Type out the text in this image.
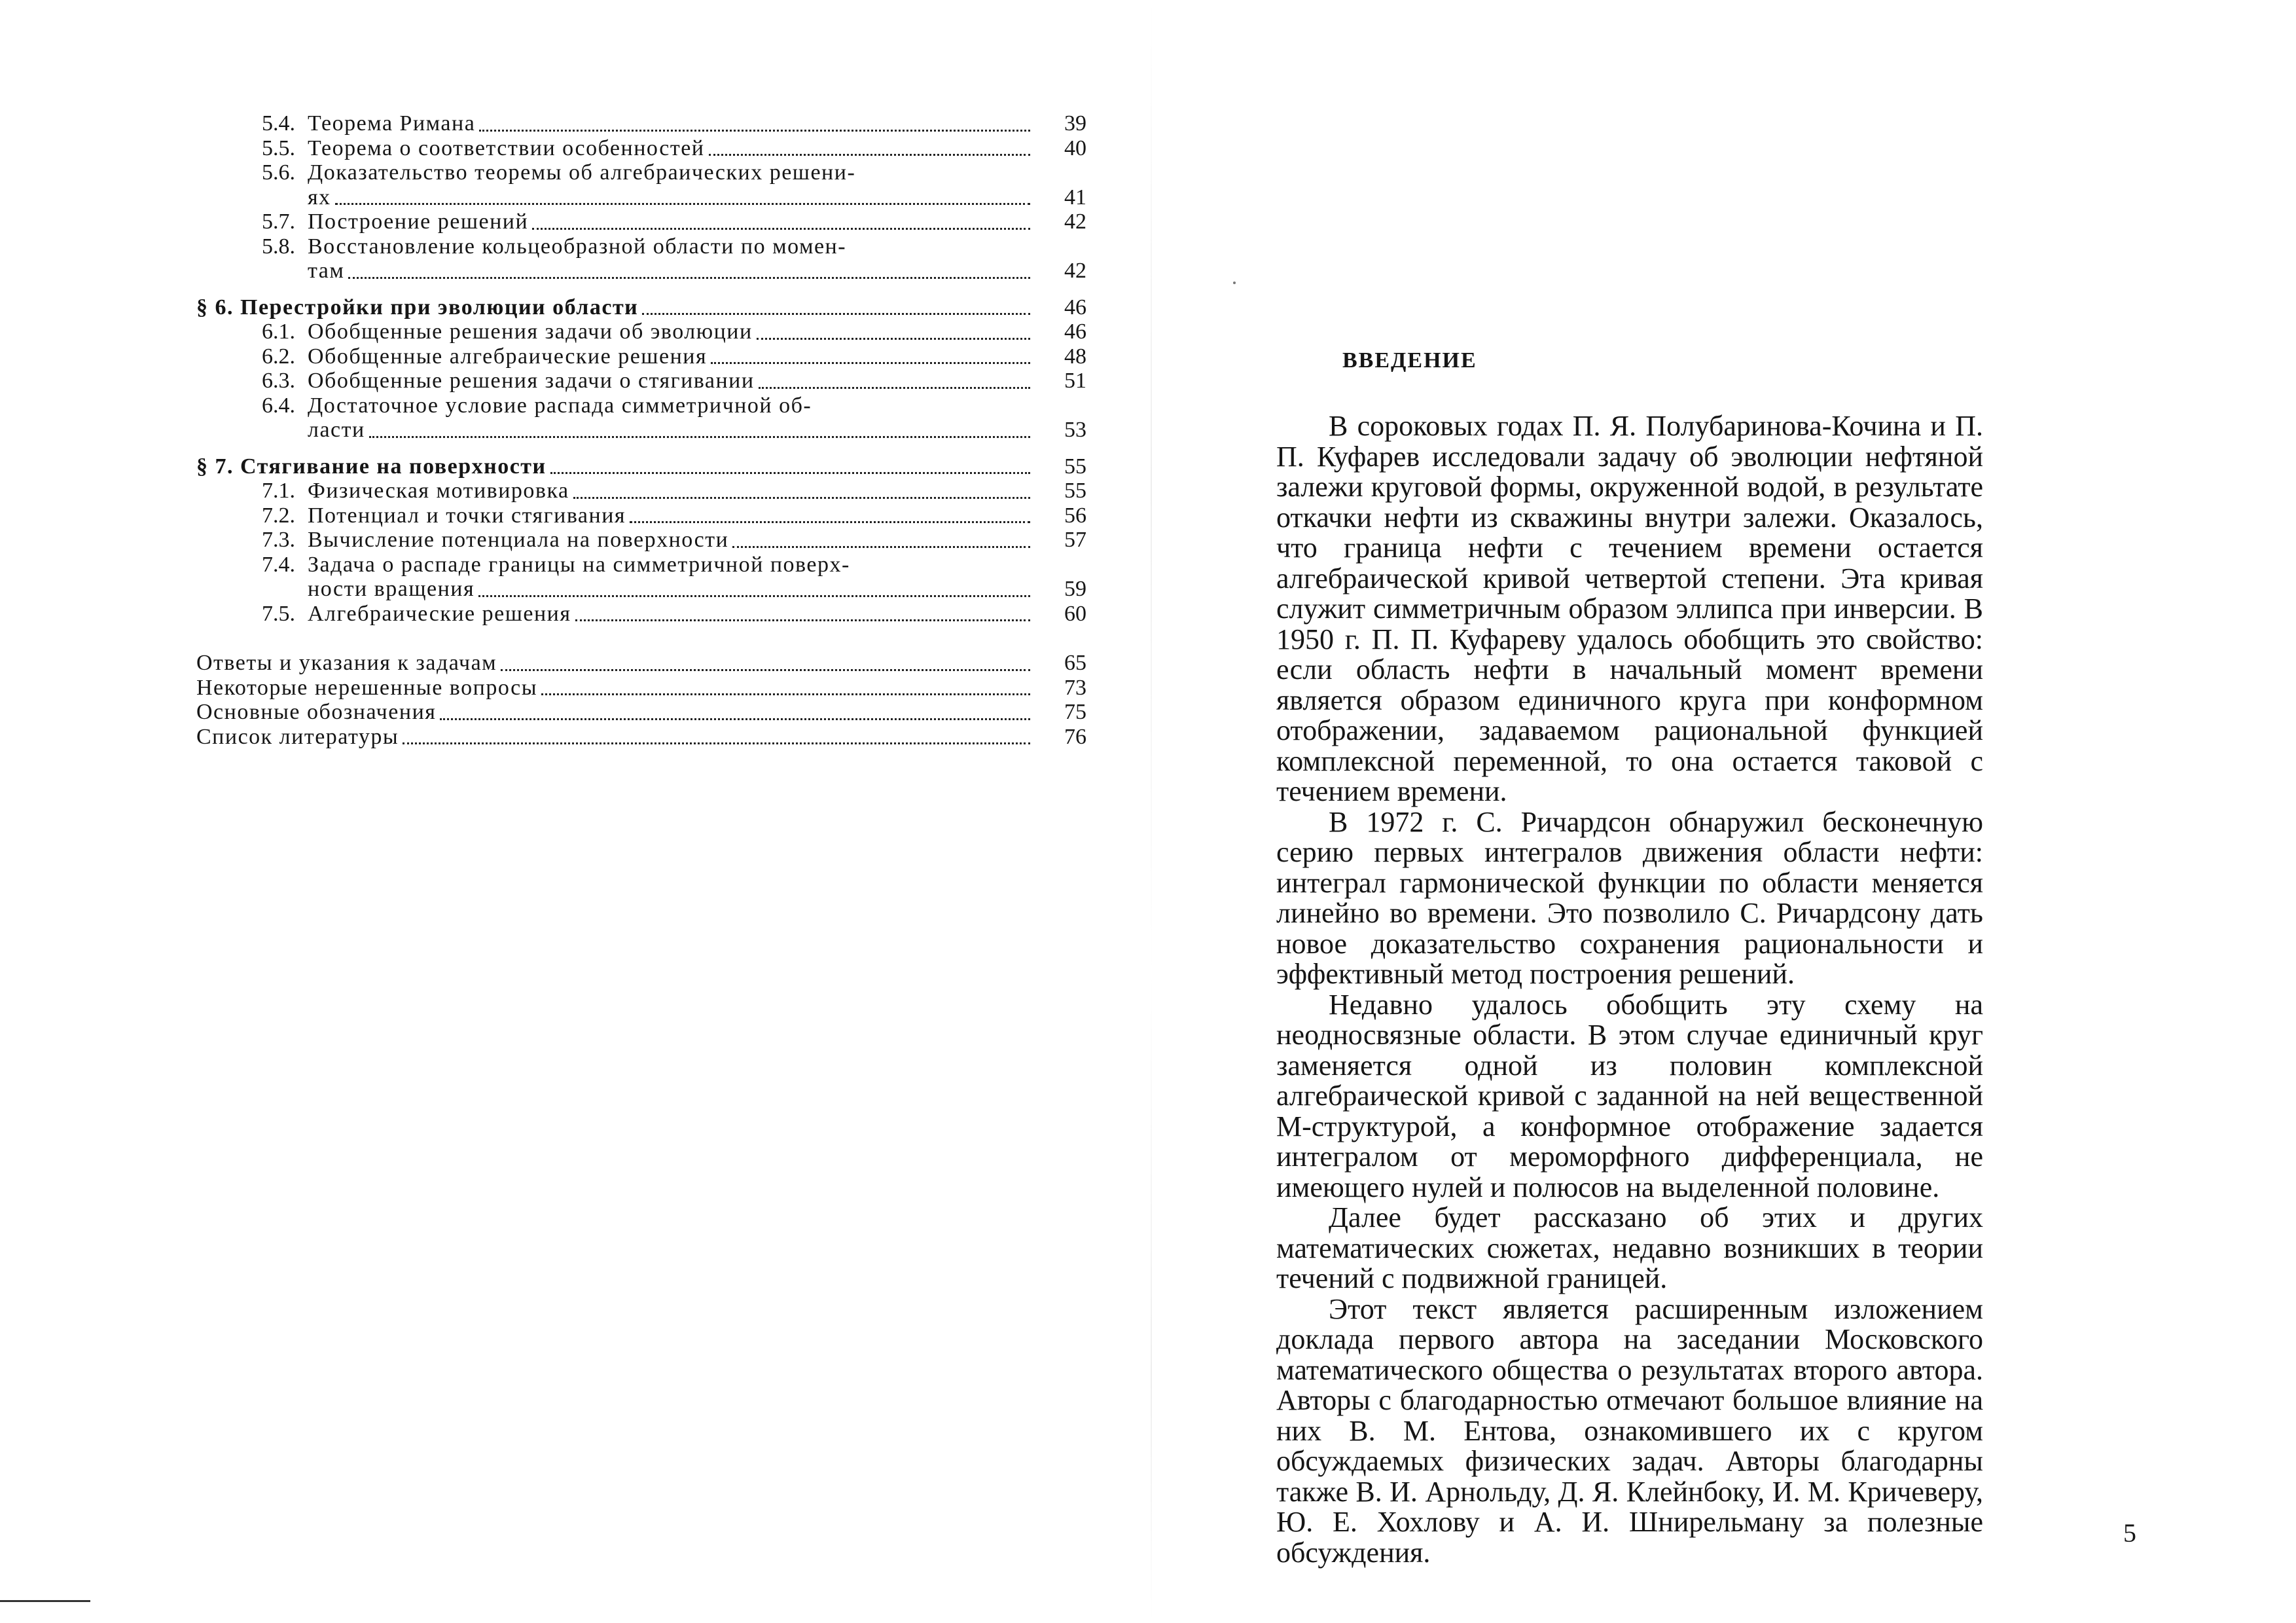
5.4. Теорема Римана	39
5.5. Теорема о соответствии особенностей	40
5.6. Доказательство теоремы об алгебраических решени-
ях	41
5.7. Построение решений	42
5.8. Восстановление кольцеобразной области по момен-
там	42
§ 6. Перестройки при эволюции области	46
6.1. Обобщенные решения задачи об эволюции	46
6.2. Обобщенные алгебраические решения	48
6.3. Обобщенные решения задачи о стягивании	51
6.4. Достаточное условие распада симметричной об-
ласти	53
§ 7. Стягивание на поверхности	55
7.1. Физическая мотивировка	55
7.2. Потенциал и точки стягивания	56
7.3. Вычисление потенциала на поверхности	57
7.4. Задача о распаде границы на симметричной поверх-
ности вращения	59
7.5. Алгебраические решения	60
Ответы и указания к задачам	65
Некоторые нерешенные вопросы	73
Основные обозначения	75
Список литературы	76
ВВЕДЕНИЕ

В сороковых годах П. Я. Полубаринова-Кочина и П. П. Куфарев исследовали задачу об эволюции нефтяной залежи круговой формы, окруженной водой, в результате откачки нефти из скважины внутри залежи. Оказалось, что граница нефти с течением времени остается алгебраической кривой четвертой степени. Эта кривая служит симметричным образом эллипса при инверсии. В 1950 г. П. П. Куфареву удалось обобщить это свойство: если область нефти в начальный момент времени является образом единичного круга при конформном отображении, задаваемом рациональной функцией комплексной переменной, то она остается таковой с течением времени.

В 1972 г. С. Ричардсон обнаружил бесконечную серию первых интегралов движения области нефти: интеграл гармонической функции по области меняется линейно во времени. Это позволило С. Ричардсону дать новое доказательство сохранения рациональности и эффективный метод построения решений.

Недавно удалось обобщить эту схему на неодносвязные области. В этом случае единичный круг заменяется одной из половин комплексной алгебраической кривой с заданной на ней вещественной М-структурой, а конформное отображение задается интегралом от мероморфного дифференциала, не имеющего нулей и полюсов на выделенной половине.

Далее будет рассказано об этих и других математических сюжетах, недавно возникших в теории течений с подвижной границей.

Этот текст является расширенным изложением доклада первого автора на заседании Московского математического общества о результатах второго автора. Авторы с благодарностью отмечают большое влияние на них В. М. Ентова, ознакомившего их с кругом обсуждаемых физических задач. Авторы благодарны также В. И. Арнольду, Д. Я. Клейнбоку, И. М. Кричеверу, Ю. Е. Хохлову и А. И. Шнирельману за полезные обсуждения.

5
